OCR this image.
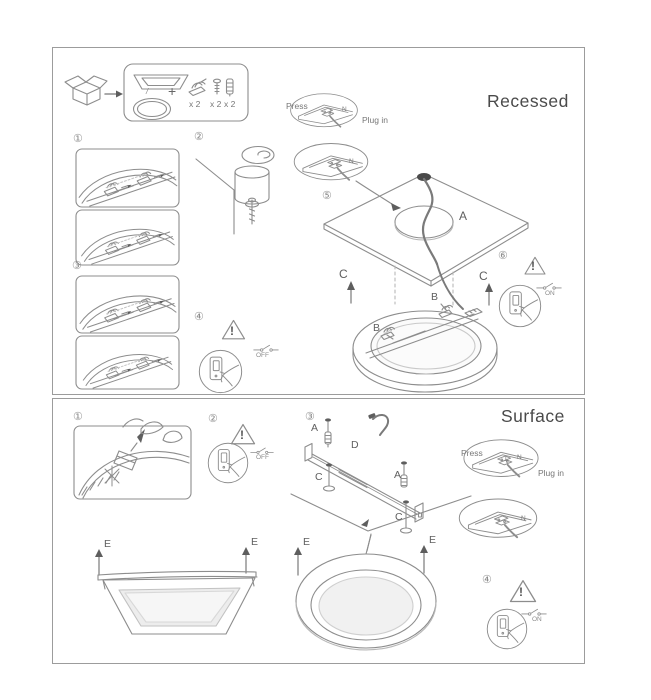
Recessed
①	②
③
④
⑤
⑥
+
/
x 2 x 2 x 2	Press
Plug in
L N
N
A
B
B
C	C
!
OFF
!
ON
Surface
①	②	③
④
Press
Plug in
L N
N
A
D
C	A
C
E	E	E	E
!
OFF
!
ON
